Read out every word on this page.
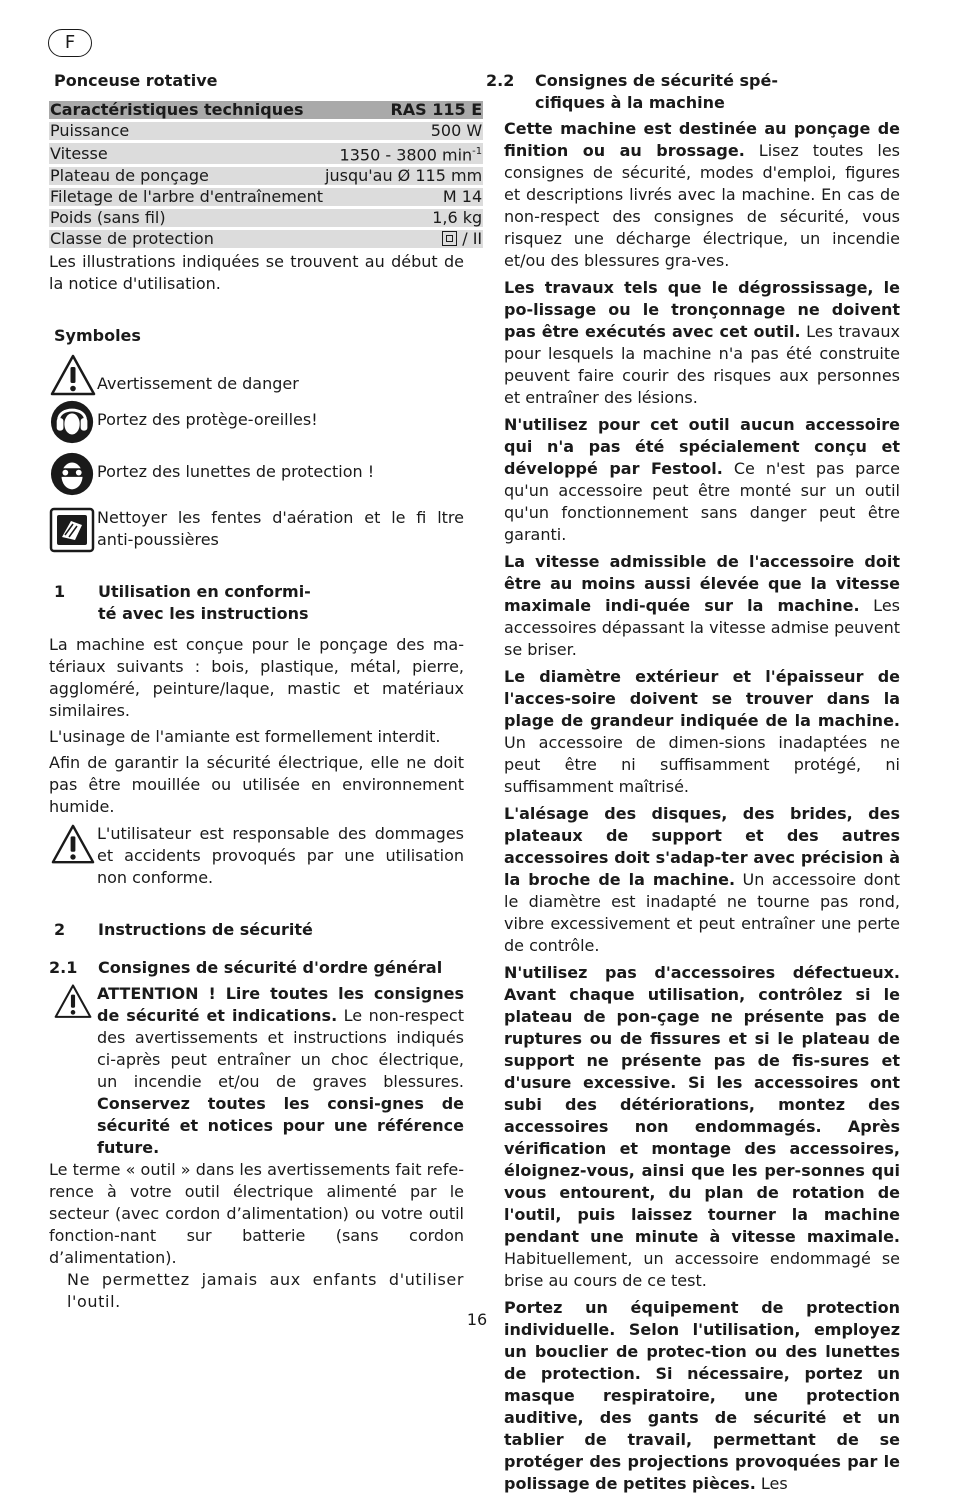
F

Ponceuse rotative

Caractéristiques techniques	RAS 115 E
Puissance	500 W
Vitesse	1350 - 3800 $\min^{-1}$
Plateau de ponçage	jusqu'au Ø 115 mm
Filetage de l'arbre d'entraînement	M 14
Poids (sans fil)	1,6 kg
Classe de protection	/ II

Les illustrations indiquées se trouvent au début de la notice d'utilisation.

Symboles

Avertissement de danger
Portez des protège-oreilles!
Portez des lunettes de protection !
Nettoyer les fentes d'aération et le fi ltre anti-poussières
1	Utilisation en conformi-
té avec les instructions

La machine est conçue pour le ponçage des ma-tériaux suivants : bois, plastique, métal, pierre, aggloméré, peinture/laque, mastic et matériaux similaires.

L'usinage de l'amiante est formellement interdit.

Afin de garantir la sécurité électrique, elle ne doit pas être mouillée ou utilisée en environnement humide.

L'utilisateur est responsable des dommages et accidents provoqués par une utilisation non conforme.

2	Instructions de sécurité
2.1	Consignes de sécurité d'ordre général

ATTENTION ! Lire toutes les consignes de sécurité et indications. Le non-respect des avertissements et instructions indiqués ci-après peut entraîner un choc électrique, un incendie et/ou de graves blessures. Conservez toutes les consi-gnes de sécurité et notices pour une référence future.

Le terme « outil » dans les avertissements fait refe-rence à votre outil électrique alimenté par le secteur (avec cordon d’alimentation) ou votre outil fonction-nant sur batterie (sans cordon d’alimentation).

Ne permettez jamais aux enfants d'utiliser l'outil.

2.2	Consignes de sécurité spé-
cifiques à la machine

Cette machine est destinée au ponçage de finition ou au brossage. Lisez toutes les consignes de sécurité, modes d'emploi, figures et descriptions livrés avec la machine. En cas de non-respect des consignes de sécurité, vous risquez une décharge électrique, un incendie et/ou des blessures gra-ves.

Les travaux tels que le dégrossissage, le po-lissage ou le tronçonnage ne doivent pas être exécutés avec cet outil. Les travaux pour lesquels la machine n'a pas été construite peuvent faire courir des risques aux personnes et entraîner des lésions.

N'utilisez pour cet outil aucun accessoire qui n'a pas été spécialement conçu et développé par Festool. Ce n'est pas parce qu'un accessoire peut être monté sur un outil qu'un fonctionnement sans danger peut être garanti.

La vitesse admissible de l'accessoire doit être au moins aussi élevée que la vitesse maximale indi-quée sur la machine. Les accessoires dépassant la vitesse admise peuvent se briser.

Le diamètre extérieur et l'épaisseur de l'acces-soire doivent se trouver dans la plage de grandeur indiquée de la machine. Un accessoire de dimen-sions inadaptées ne peut être ni suffisamment protégé, ni suffisamment maîtrisé.

L'alésage des disques, des brides, des plateaux de support et des autres accessoires doit s'adap-ter avec précision à la broche de la machine. Un accessoire dont le diamètre est inadapté ne tourne pas rond, vibre excessivement et peut entraîner une perte de contrôle.

N'utilisez pas d'accessoires défectueux. Avant chaque utilisation, contrôlez si le plateau de pon-çage ne présente pas de ruptures ou de fissures et si le plateau de support ne présente pas de fis-sures et d'usure excessive. Si les accessoires ont subi des détériorations, montez des accessoires non endommagés. Après vérification et montage des accessoires, éloignez-vous, ainsi que les per-sonnes qui vous entourent, du plan de rotation de l'outil, puis laissez tourner la machine pendant une minute à vitesse maximale. Habituellement, un accessoire endommagé se brise au cours de ce test.

Portez un équipement de protection individuelle. Selon l'utilisation, employez un bouclier de protec-tion ou des lunettes de protection. Si nécessaire, portez un masque respiratoire, une protection auditive, des gants de sécurité et un tablier de travail, permettant de se protéger des projections provoquées par le polissage de petites pièces. Les

16
